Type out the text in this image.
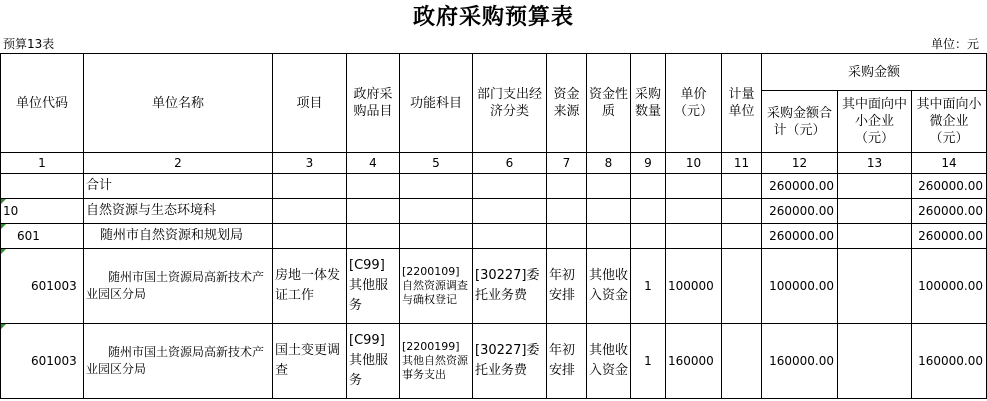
政府采购预算表
预算13表	单位：元
单位代码	单位名称	项目	政府采购品目	功能科目	部门支出经济分类	资金来源	资金性质	采购数量	单价（元）	计量单位	采购金额		
											采购金额合计（元）	其中面向中小企业（元）	其中面向小微企业（元）
1	2	3	4	5	6	7	8	9	10	11	12	13	14
	合计										260000.00		260000.00
10	自然资源与生态环境科										260000.00		260000.00
601	随州市自然资源和规划局										260000.00		260000.00
601003	随州市国土资源局高新技术产业园区分局	房地一体发证工作	[C99]其他服务	[2200109]自然资源调查与确权登记	[30227]委托业务费	年初安排	其他收入资金	1	100000		100000.00		100000.00
601003	随州市国土资源局高新技术产业园区分局	国土变更调查	[C99]其他服务	[2200199]其他自然资源事务支出	[30227]委托业务费	年初安排	其他收入资金	1	160000		160000.00		160000.00
